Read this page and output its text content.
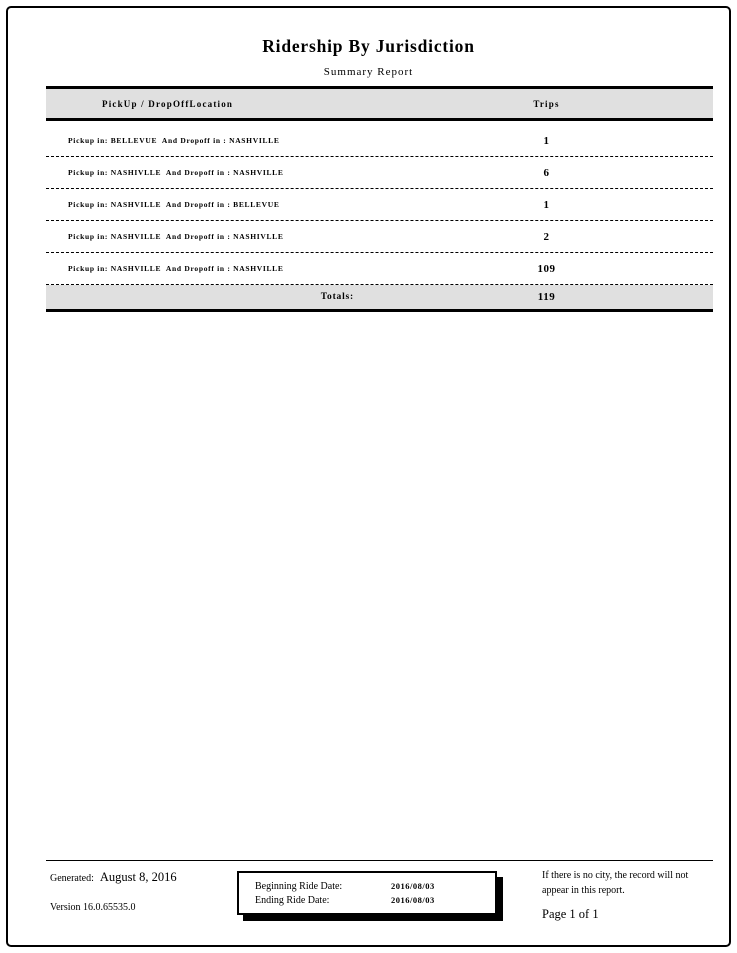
Ridership By Jurisdiction
Summary Report
PickUp / DropOffLocation	Trips
Pickup in: BELLEVUE  And Dropoff in : NASHVILLE	1
Pickup in: NASHIVLLE  And Dropoff in : NASHVILLE	6
Pickup in: NASHVILLE  And Dropoff in : BELLEVUE	1
Pickup in: NASHVILLE  And Dropoff in : NASHIVLLE	2
Pickup in: NASHVILLE  And Dropoff in : NASHVILLE	109
Totals:	119
Generated: August 8, 2016
Version 16.0.65535.0
Beginning Ride Date:	2016/08/03
Ending Ride Date:	2016/08/03
If there is no city, the record will not appear in this report.
Page 1 of 1
